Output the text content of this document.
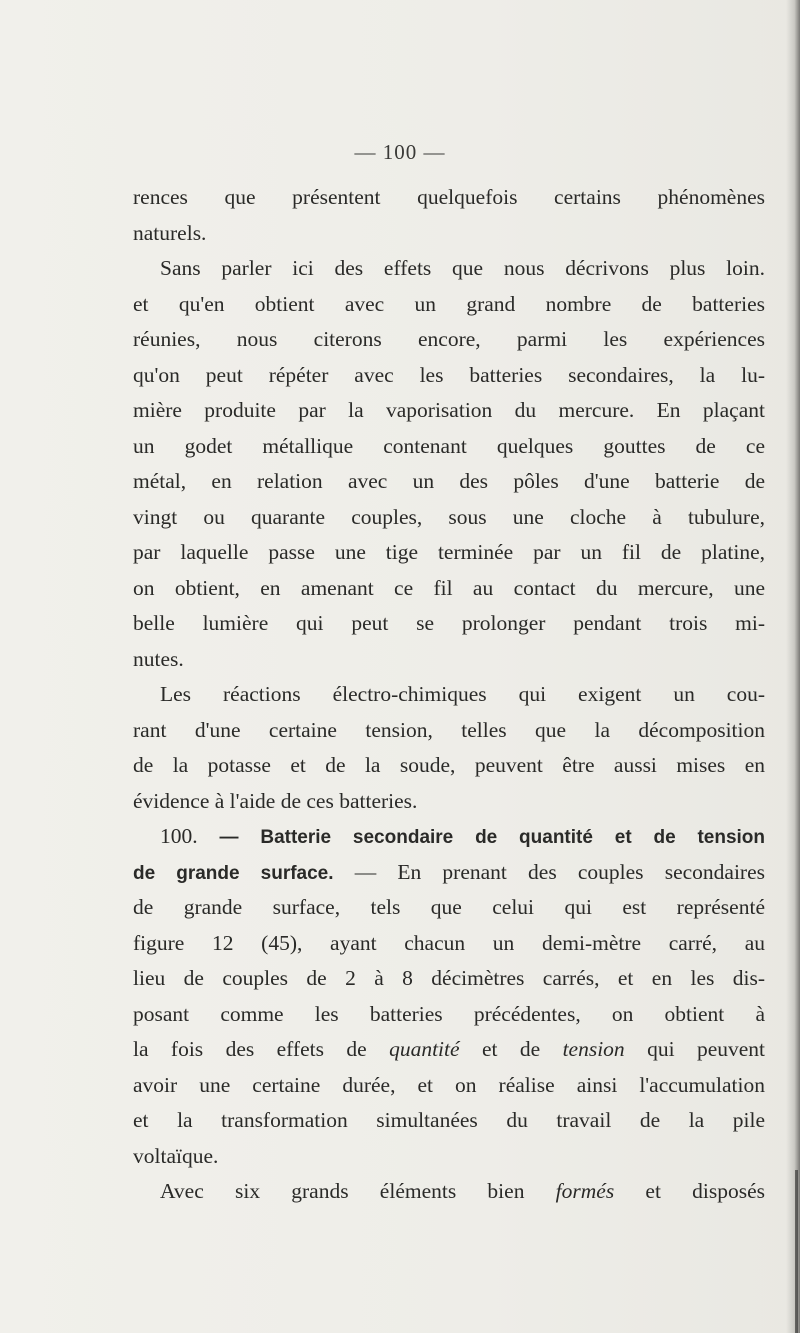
— 100 —
rences que présentent quelquefois certains phénomènes
naturels.
Sans parler ici des effets que nous décrivons plus loin.
et qu'en obtient avec un grand nombre de batteries
réunies, nous citerons encore, parmi les expériences
qu'on peut répéter avec les batteries secondaires, la lu-
mière produite par la vaporisation du mercure. En plaçant
un godet métallique contenant quelques gouttes de ce
métal, en relation avec un des pôles d'une batterie de
vingt ou quarante couples, sous une cloche à tubulure,
par laquelle passe une tige terminée par un fil de platine,
on obtient, en amenant ce fil au contact du mercure, une
belle lumière qui peut se prolonger pendant trois mi-
nutes.
Les réactions électro-chimiques qui exigent un cou-
rant d'une certaine tension, telles que la décomposition
de la potasse et de la soude, peuvent être aussi mises en
évidence à l'aide de ces batteries.
100. — Batterie secondaire de quantité et de tension
de grande surface. — En prenant des couples secondaires
de grande surface, tels que celui qui est représenté
figure 12 (45), ayant chacun un demi-mètre carré, au
lieu de couples de 2 à 8 décimètres carrés, et en les dis-
posant comme les batteries précédentes, on obtient à
la fois des effets de quantité et de tension qui peuvent
avoir une certaine durée, et on réalise ainsi l'accumulation
et la transformation simultanées du travail de la pile
voltaïque.
Avec six grands éléments bien formés et disposés
